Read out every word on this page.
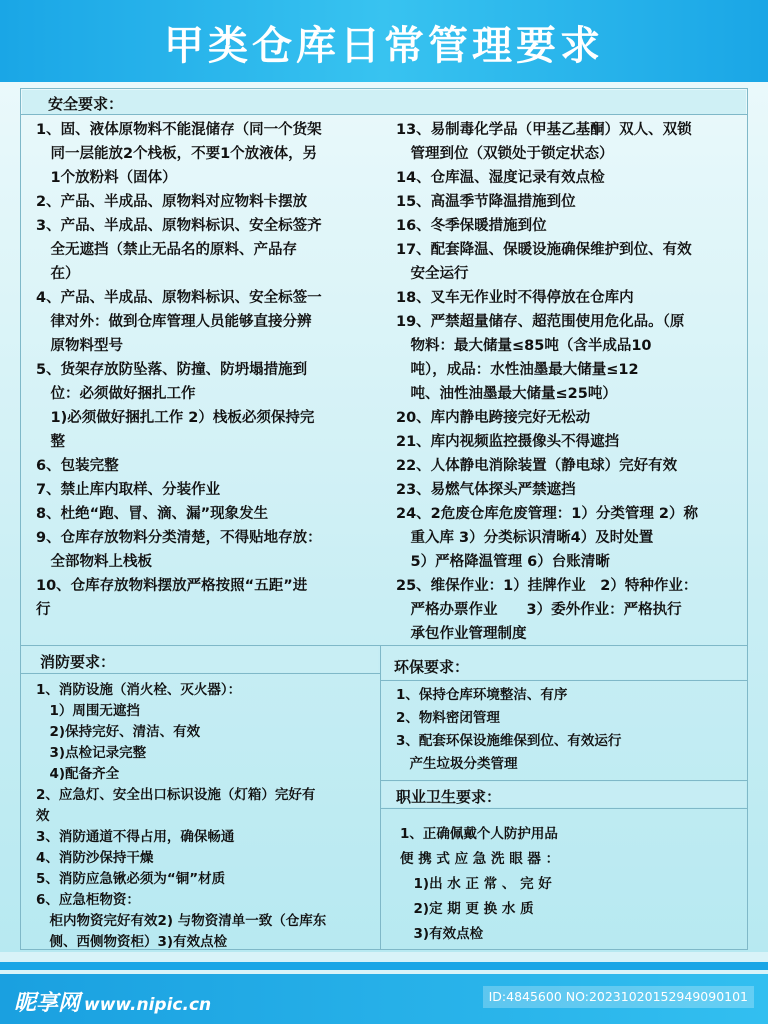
甲类仓库日常管理要求
安全要求：
1、固、液体原物料不能混储存（同一个货架
　同一层能放2个栈板，不要1个放液体，另
　1个放粉料（固体）
2、产品、半成品、原物料对应物料卡摆放
3、产品、半成品、原物料标识、安全标签齐
　全无遮挡（禁止无品名的原料、产品存
　在）
4、产品、半成品、原物料标识、安全标签一
　律对外：做到仓库管理人员能够直接分辨
　原物料型号
5、货架存放防坠落、防撞、防坍塌措施到
　位：必须做好捆扎工作
　1)必须做好捆扎工作 2）栈板必须保持完
　整
6、包装完整
7、禁止库内取样、分装作业
8、杜绝“跑、冒、滴、漏”现象发生
9、仓库存放物料分类清楚，不得贴地存放：
　全部物料上栈板
10、仓库存放物料摆放严格按照“五距”进
行
13、易制毒化学品（甲基乙基酮）双人、双锁
　管理到位（双锁处于锁定状态）
14、仓库温、湿度记录有效点检
15、高温季节降温措施到位
16、冬季保暖措施到位
17、配套降温、保暖设施确保维护到位、有效
　安全运行
18、叉车无作业时不得停放在仓库内
19、严禁超量储存、超范围使用危化品。（原
　物料：最大储量≤85吨（含半成品10
　吨），成品：水性油墨最大储量≤12
　吨、油性油墨最大储量≤25吨）
20、库内静电跨接完好无松动
21、库内视频监控摄像头不得遮挡
22、人体静电消除装置（静电球）完好有效
23、易燃气体探头严禁遮挡
24、2危废仓库危废管理：1）分类管理 2）称
　重入库 3）分类标识清晰4）及时处置
　5）严格降温管理 6）台账清晰
25、维保作业：1）挂牌作业　2）特种作业：
　严格办票作业　　3）委外作业：严格执行
　承包作业管理制度
消防要求：
1、消防设施（消火栓、灭火器）：
　1）周围无遮挡
　2)保持完好、清洁、有效
　3)点检记录完整
　4)配备齐全
2、应急灯、安全出口标识设施（灯箱）完好有
效
3、消防通道不得占用，确保畅通
4、消防沙保持干燥
5、消防应急锹必须为“铜”材质
6、应急柜物资：
　柜内物资完好有效2) 与物资清单一致（仓库东
　侧、西侧物资柜）3)有效点检
环保要求：
1、保持仓库环境整洁、有序
2、物料密闭管理
3、配套环保设施维保到位、有效运行
　产生垃圾分类管理
职业卫生要求：
1、正确佩戴个人防护用品
便 携 式 应 急 洗 眼 器 ：
　1)出 水 正 常 、 完 好
　2)定 期 更 换 水 质
　3)有效点检
昵享网 www.nipic.cn	ID:4845600 NO:20231020152949090101
